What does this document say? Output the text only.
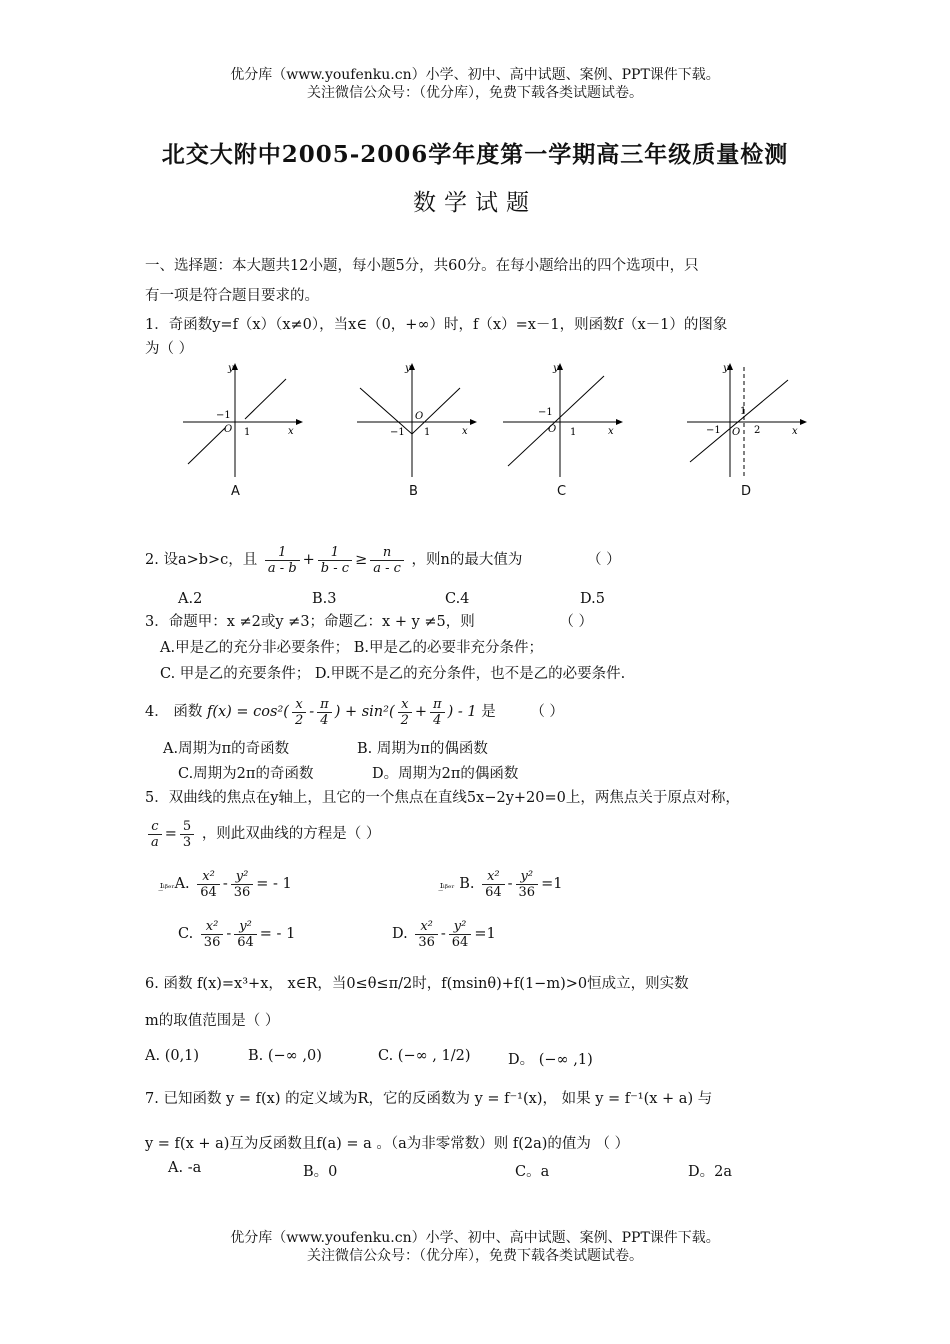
优分库（www.youfenku.cn）小学、初中、高中试题、案例、PPT课件下载。
关注微信公众号：（优分库），免费下载各类试题试卷。
北交大附中2005-2006学年度第一学期高三年级质量检测
数学试题
一、选择题：本大题共12小题，每小题5分，共60分。在每小题给出的四个选项中，只
有一项是符合题目要求的。
1．奇函数y=f（x）（x≠0），当x∈（0，+∞）时，f（x）=x－1，则函数f（x－1）的图象
为（ ）
y
x
−1
O 1
y
x
−1
O
1
y
x
−1
O 1
y
x
−1 O
1
2
A	B	C	D
2. 设a>b>c，且 $\frac{1}{a - b} + \frac{1}{b - c} \ge \frac{n}{a - c}$ ，则n的最大值为	（ ）
A.2	B.3	C.4	D.5
3．命题甲：x ≠2或y ≠3；命题乙：x + y ≠5，则	（ ）
A.甲是乙的充分非必要条件； B.甲是乙的必要非充分条件；
C. 甲是乙的充要条件； D.甲既不是乙的充分条件，也不是乙的必要条件.
4． 函数 $f(x) = \cos^2( \frac{x}{2} - \frac{\pi}{4}$ ) + $\sin^2( \frac{x}{2} + \frac{\pi}{4}$ ) - 1 是 （ ）
A.周期为π的奇函数	B. 周期为π的偶函数
C.周期为2π的奇函数	D。周期为2π的偶函数
5．双曲线的焦点在y轴上，且它的一个焦点在直线5x−2y+20=0上，两焦点关于原点对称，
$\frac{c}{a} = \frac{5}{3}$ ，则此双曲线的方程是（ ）
ɪ̲ᵢᵦₑᵣA. $\frac{\text{x²}}{64} - \frac{\text{y²}}{36}$ = - 1	ɪ̲ᵢᵦₑᵣ B. $\frac{\text{x²}}{64} - \frac{\text{y²}}{36} =1$
C. $\frac{\text{x²}}{36} - \frac{\text{y²}}{64}$ = - 1	D. $\frac{\text{x²}}{36} - \frac{\text{y²}}{64} =1$
6. 函数 f(x)=x³+x， x∈R，当0≤θ≤π/2时，f(msinθ)+f(1−m)>0恒成立，则实数
m的取值范围是（ ）
A. (0,1)	B. (−∞ ,0)	C. (−∞ , 1/2)	D。 (−∞ ,1)
7. 已知函数 y = f(x) 的定义域为R，它的反函数为 y = f⁻¹(x)， 如果 y = f⁻¹(x + a) 与
y = f(x + a)互为反函数且f(a) = a 。（a为非零常数）则 f(2a)的值为 （ ）
A. -a	B。0	C。a	D。2a
优分库（www.youfenku.cn）小学、初中、高中试题、案例、PPT课件下载。
关注微信公众号：（优分库），免费下载各类试题试卷。
